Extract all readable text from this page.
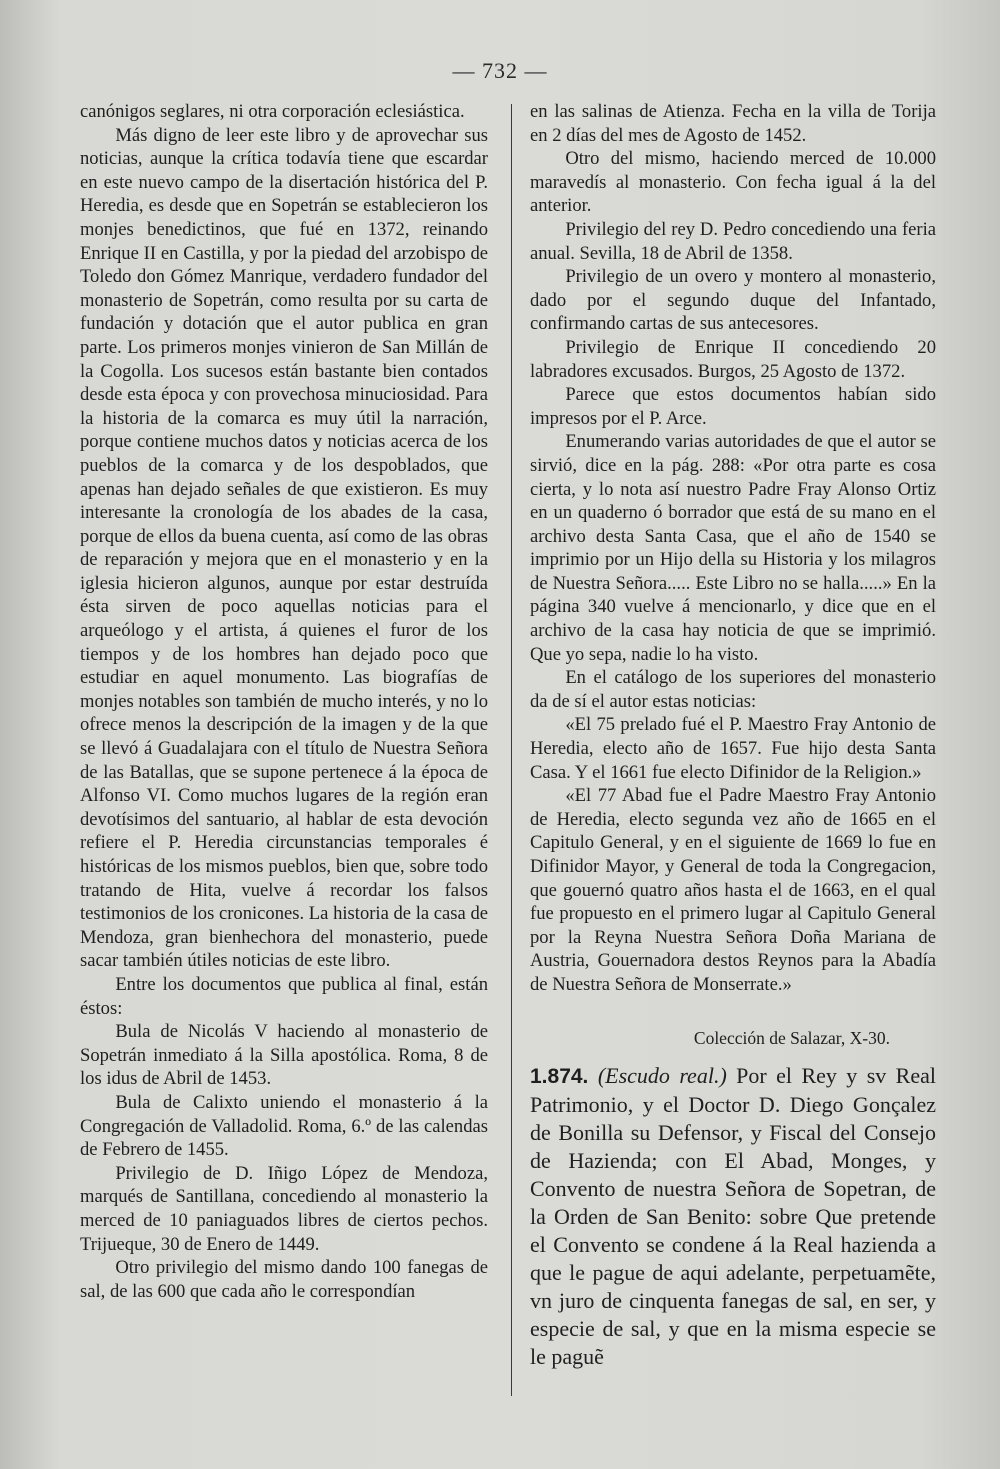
— 732 —

canónigos seglares, ni otra corporación eclesiástica.

Más digno de leer este libro y de aprovechar sus noticias, aunque la crítica todavía tiene que escardar en este nuevo campo de la disertación histórica del P. Heredia, es desde que en Sopetrán se establecieron los monjes benedictinos, que fué en 1372, reinando Enrique II en Castilla, y por la piedad del arzobispo de Toledo don Gómez Manrique, verdadero fundador del monasterio de Sopetrán, como resulta por su carta de fundación y dotación que el autor publica en gran parte. Los primeros monjes vinieron de San Millán de la Cogolla. Los sucesos están bastante bien contados desde esta época y con provechosa minuciosidad. Para la historia de la comarca es muy útil la narración, porque contiene muchos datos y noticias acerca de los pueblos de la comarca y de los despoblados, que apenas han dejado señales de que existieron. Es muy interesante la cronología de los abades de la casa, porque de ellos da buena cuenta, así como de las obras de reparación y mejora que en el monasterio y en la iglesia hicieron algunos, aunque por estar destruída ésta sirven de poco aquellas noticias para el arqueólogo y el artista, á quienes el furor de los tiempos y de los hombres han dejado poco que estudiar en aquel monumento. Las biografías de monjes notables son también de mucho interés, y no lo ofrece menos la descripción de la imagen y de la que se llevó á Guadalajara con el título de Nuestra Señora de las Batallas, que se supone pertenece á la época de Alfonso VI. Como muchos lugares de la región eran devotísimos del santuario, al hablar de esta devoción refiere el P. Heredia circunstancias temporales é históricas de los mismos pueblos, bien que, sobre todo tratando de Hita, vuelve á recordar los falsos testimonios de los cronicones. La historia de la casa de Mendoza, gran bienhechora del monasterio, puede sacar también útiles noticias de este libro.

Entre los documentos que publica al final, están éstos:

Bula de Nicolás V haciendo al monasterio de Sopetrán inmediato á la Silla apostólica. Roma, 8 de los idus de Abril de 1453.

Bula de Calixto uniendo el monasterio á la Congregación de Valladolid. Roma, 6.º de las calendas de Febrero de 1455.

Privilegio de D. Iñigo López de Mendoza, marqués de Santillana, concediendo al monasterio la merced de 10 paniaguados libres de ciertos pechos. Trijueque, 30 de Enero de 1449.

Otro privilegio del mismo dando 100 fanegas de sal, de las 600 que cada año le correspondían

en las salinas de Atienza. Fecha en la villa de Torija en 2 días del mes de Agosto de 1452.

Otro del mismo, haciendo merced de 10.000 maravedís al monasterio. Con fecha igual á la del anterior.

Privilegio del rey D. Pedro concediendo una feria anual. Sevilla, 18 de Abril de 1358.

Privilegio de un overo y montero al monasterio, dado por el segundo duque del Infantado, confirmando cartas de sus antecesores.

Privilegio de Enrique II concediendo 20 labradores excusados. Burgos, 25 Agosto de 1372.

Parece que estos documentos habían sido impresos por el P. Arce.

Enumerando varias autoridades de que el autor se sirvió, dice en la pág. 288: «Por otra parte es cosa cierta, y lo nota así nuestro Padre Fray Alonso Ortiz en un quaderno ó borrador que está de su mano en el archivo desta Santa Casa, que el año de 1540 se imprimio por un Hijo della su Historia y los milagros de Nuestra Señora..... Este Libro no se halla.....» En la página 340 vuelve á mencionarlo, y dice que en el archivo de la casa hay noticia de que se imprimió. Que yo sepa, nadie lo ha visto.

En el catálogo de los superiores del monasterio da de sí el autor estas noticias:

«El 75 prelado fué el P. Maestro Fray Antonio de Heredia, electo año de 1657. Fue hijo desta Santa Casa. Y el 1661 fue electo Difinidor de la Religion.»

«El 77 Abad fue el Padre Maestro Fray Antonio de Heredia, electo segunda vez año de 1665 en el Capitulo General, y en el siguiente de 1669 lo fue en Difinidor Mayor, y General de toda la Congregacion, que gouernó quatro años hasta el de 1663, en el qual fue propuesto en el primero lugar al Capitulo General por la Reyna Nuestra Señora Doña Mariana de Austria, Gouernadora destos Reynos para la Abadía de Nuestra Señora de Monserrate.»

Colección de Salazar, X-30.

1.874. (Escudo real.) Por el Rey y sv Real Patrimonio, y el Doctor D. Diego Gonçalez de Bonilla su Defensor, y Fiscal del Consejo de Hazienda; con El Abad, Monges, y Convento de nuestra Señora de Sopetran, de la Orden de San Benito: sobre Que pretende el Convento se condene á la Real hazienda a que le pague de aqui adelante, perpetuamẽte, vn juro de cinquenta fanegas de sal, en ser, y especie de sal, y que en la misma especie se le paguẽ
